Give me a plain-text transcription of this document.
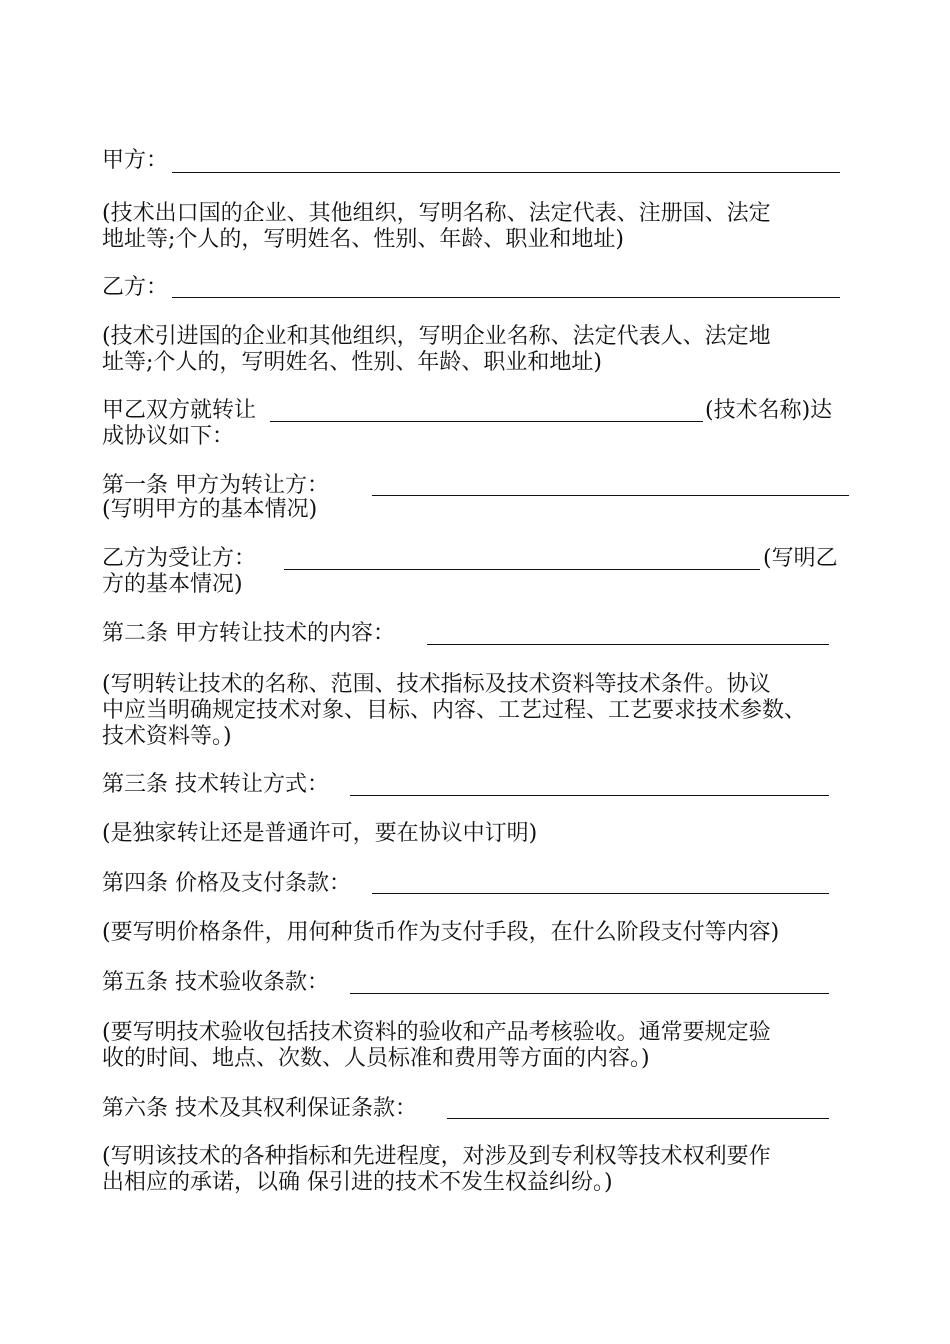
甲方：
(技术出口国的企业、其他组织，写明名称、法定代表、注册国、法定
地址等;个人的，写明姓名、性别、年龄、职业和地址)
乙方：
(技术引进国的企业和其他组织，写明企业名称、法定代表人、法定地
址等;个人的，写明姓名、性别、年龄、职业和地址)
甲乙双方就转让	(技术名称)达
成协议如下：
第一条 甲方为转让方：
(写明甲方的基本情况)
乙方为受让方：	(写明乙
方的基本情况)
第二条 甲方转让技术的内容：
(写明转让技术的名称、范围、技术指标及技术资料等技术条件。协议
中应当明确规定技术对象、目标、内容、工艺过程、工艺要求技术参数、
技术资料等。)
第三条 技术转让方式：
(是独家转让还是普通许可，要在协议中订明)
第四条 价格及支付条款：
(要写明价格条件，用何种货币作为支付手段，在什么阶段支付等内容)
第五条 技术验收条款：
(要写明技术验收包括技术资料的验收和产品考核验收。通常要规定验
收的时间、地点、次数、人员标准和费用等方面的内容。)
第六条 技术及其权利保证条款：
(写明该技术的各种指标和先进程度，对涉及到专利权等技术权利要作
出相应的承诺，以确 保引进的技术不发生权益纠纷。)
